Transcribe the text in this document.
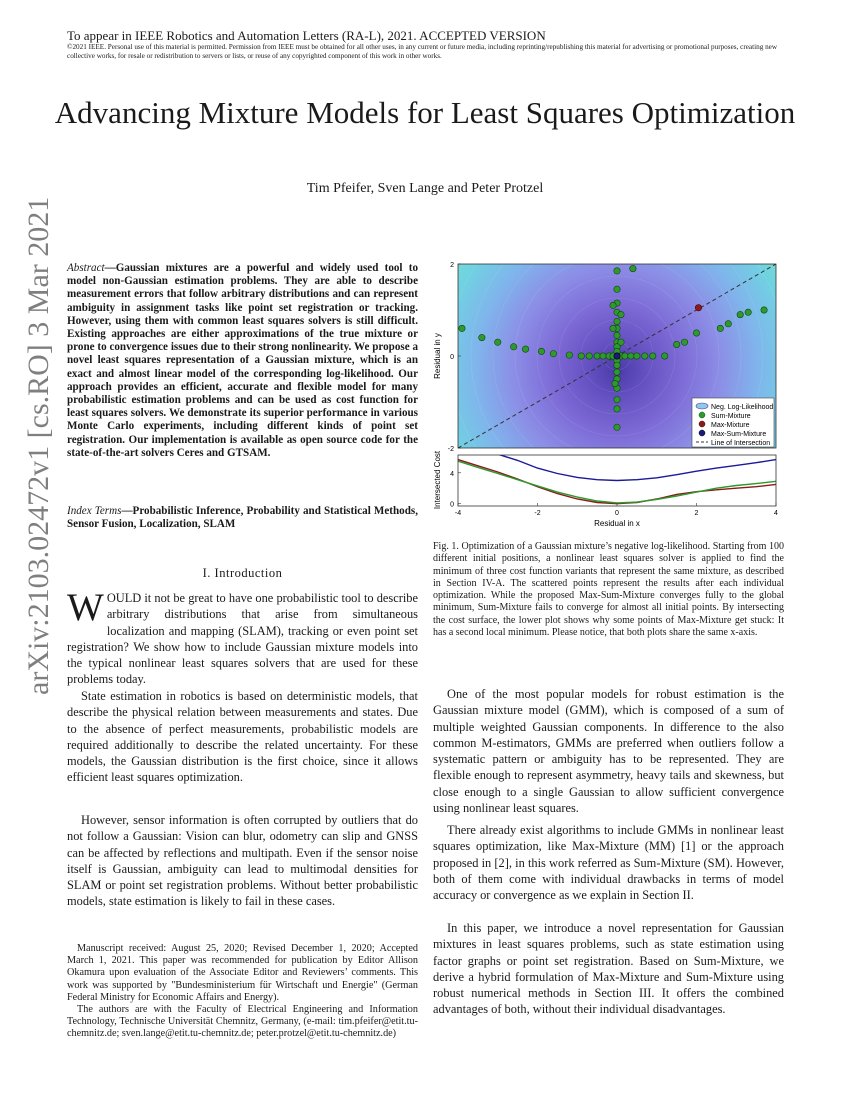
To appear in IEEE Robotics and Automation Letters (RA-L), 2021. ACCEPTED VERSION
©2021 IEEE. Personal use of this material is permitted. Permission from IEEE must be obtained for all other uses, in any current or future media, including reprinting/republishing this material for advertising or promotional purposes, creating new collective works, for resale or redistribution to servers or lists, or reuse of any copyrighted component of this work in other works.
Advancing Mixture Models for Least Squares Optimization
Tim Pfeifer, Sven Lange and Peter Protzel
arXiv:2103.02472v1 [cs.RO] 3 Mar 2021 Abstract—Gaussian mixtures are a powerful and widely used tool to model non-Gaussian estimation problems. They are able to describe measurement errors that follow arbitrary distributions and can represent ambiguity in assignment tasks like point set registration or tracking. However, using them with common least squares solvers is still difficult. Existing approaches are either approximations of the true mixture or prone to convergence issues due to their strong nonlinearity. We propose a novel least squares representation of a Gaussian mixture, which is an exact and almost linear model of the corresponding log-likelihood. Our approach provides an efficient, accurate and flexible model for many probabilistic estimation problems and can be used as cost function for least squares solvers. We demonstrate its superior performance in various Monte Carlo experiments, including different kinds of point set registration. Our implementation is available as open source code for the state-of-the-art solvers Ceres and GTSAM.
Index Terms—Probabilistic Inference, Probability and Statistical Methods, Sensor Fusion, Localization, SLAM
I. Introduction
WOULD it not be great to have one probabilistic tool to describe arbitrary distributions that arise from simultaneous localization and mapping (SLAM), tracking or even point set registration? We show how to include Gaussian mixture models into the typical nonlinear least squares solvers that are used for these problems today.
State estimation in robotics is based on deterministic models, that describe the physical relation between measurements and states. Due to the absence of perfect measurements, probabilistic models are required additionally to describe the related uncertainty. For these models, the Gaussian distribution is the first choice, since it allows efficient least squares optimization.
However, sensor information is often corrupted by outliers that do not follow a Gaussian: Vision can blur, odometry can slip and GNSS can be affected by reflections and multipath. Even if the sensor noise itself is Gaussian, ambiguity can lead to multimodal densities for SLAM or point set registration problems. Without better probabilistic models, state estimation is likely to fail in these cases.

Manuscript received: August 25, 2020; Revised December 1, 2020; Accepted March 1, 2021. This paper was recommended for publication by Editor Allison Okamura upon evaluation of the Associate Editor and Reviewers’ comments. This work was supported by "Bundesministerium für Wirtschaft und Energie" (German Federal Ministry for Economic Affairs and Energy).

The authors are with the Faculty of Electrical Engineering and Information Technology, Technische Universität Chemnitz, Germany, (e-mail: tim.pfeifer@etit.tu-chemnitz.de; sven.lange@etit.tu-chemnitz.de; peter.protzel@etit.tu-chemnitz.de)

2
0
-2
Residual in y
Neg. Log-Likelihood
Sum-Mixture
Max-Mixture
Max-Sum-Mixture
Line of Intersection
-4	-2	0	2	4
4
0
Intersected Cost
Residual in x
Fig. 1. Optimization of a Gaussian mixture’s negative log-likelihood. Starting from 100 different initial positions, a nonlinear least squares solver is applied to find the minimum of three cost function variants that represent the same mixture, as described in Section IV-A. The scattered points represent the results after each individual optimization. While the proposed Max-Sum-Mixture converges fully to the global minimum, Sum-Mixture fails to converge for almost all initial points. By intersecting the cost surface, the lower plot shows why some points of Max-Mixture get stuck: It has a second local minimum. Please notice, that both plots share the same x-axis.
One of the most popular models for robust estimation is the Gaussian mixture model (GMM), which is composed of a sum of multiple weighted Gaussian components. In difference to the also common M-estimators, GMMs are preferred when outliers follow a systematic pattern or ambiguity has to be represented. They are flexible enough to represent asymmetry, heavy tails and skewness, but close enough to a single Gaussian to allow sufficient convergence using nonlinear least squares.
There already exist algorithms to include GMMs in nonlinear least squares optimization, like Max-Mixture (MM) [1] or the approach proposed in [2], in this work referred as Sum-Mixture (SM). However, both of them come with individual drawbacks in terms of model accuracy or convergence as we explain in Section II.
In this paper, we introduce a novel representation for Gaussian mixtures in least squares problems, such as state estimation using factor graphs or point set registration. Based on Sum-Mixture, we derive a hybrid formulation of Max-Mixture and Sum-Mixture using robust numerical methods in Section III. It offers the combined advantages of both, without their individual disadvantages.
